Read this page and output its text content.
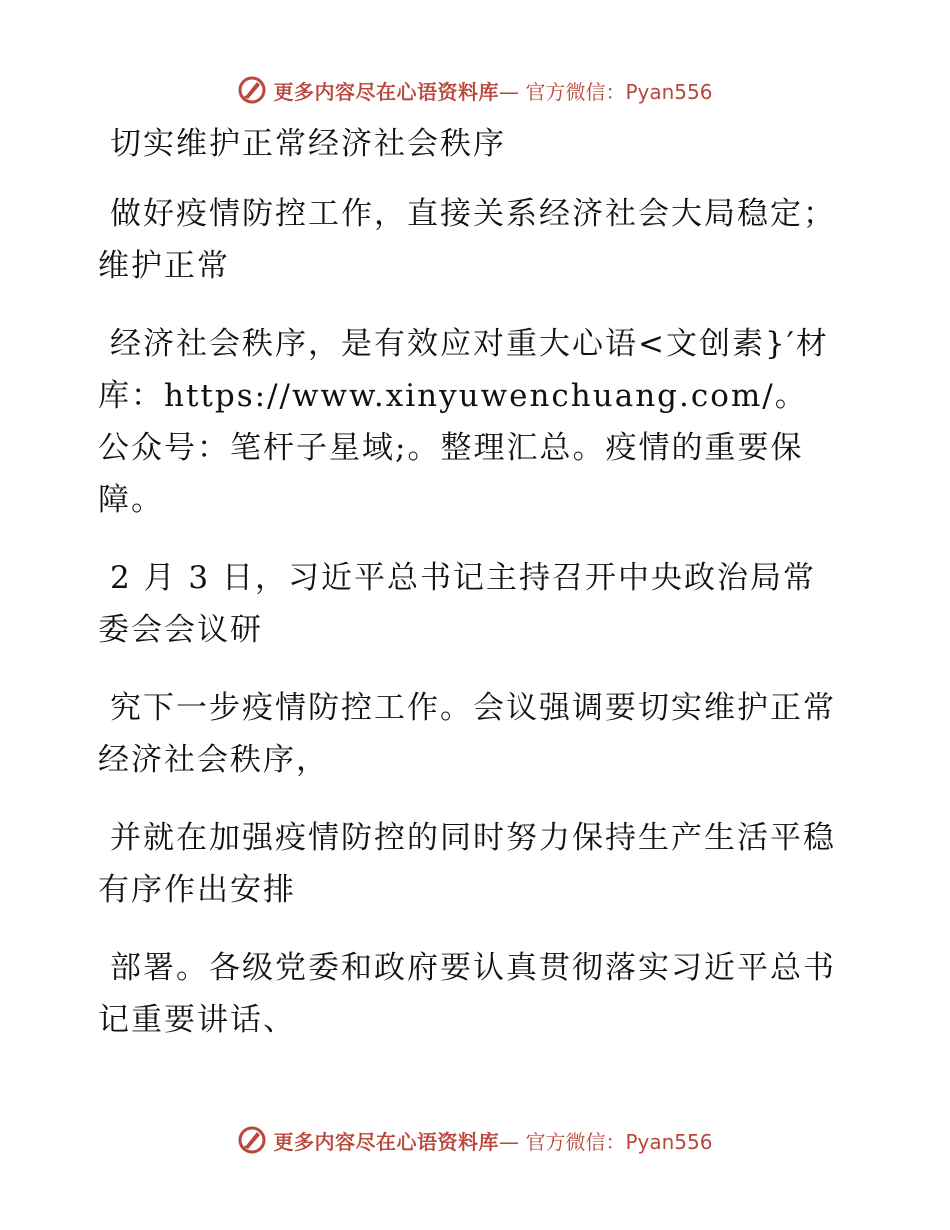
更多内容尽在心语资料库— 官方微信：Pyan556

切实维护正常经济社会秩序

做好疫情防控工作，直接关系经济社会大局稳定；维护正常

经济社会秩序，是有效应对重大心语<文创素}′材库：https://www.xinyuwenchuang.com/。公众号：笔杆子星域;。整理汇总。疫情的重要保障。

2 月 3 日，习近平总书记主持召开中央政治局常委会会议研

究下一步疫情防控工作。会议强调要切实维护正常经济社会秩序，

并就在加强疫情防控的同时努力保持生产生活平稳有序作出安排

部署。各级党委和政府要认真贯彻落实习近平总书记重要讲话、

更多内容尽在心语资料库— 官方微信：Pyan556
